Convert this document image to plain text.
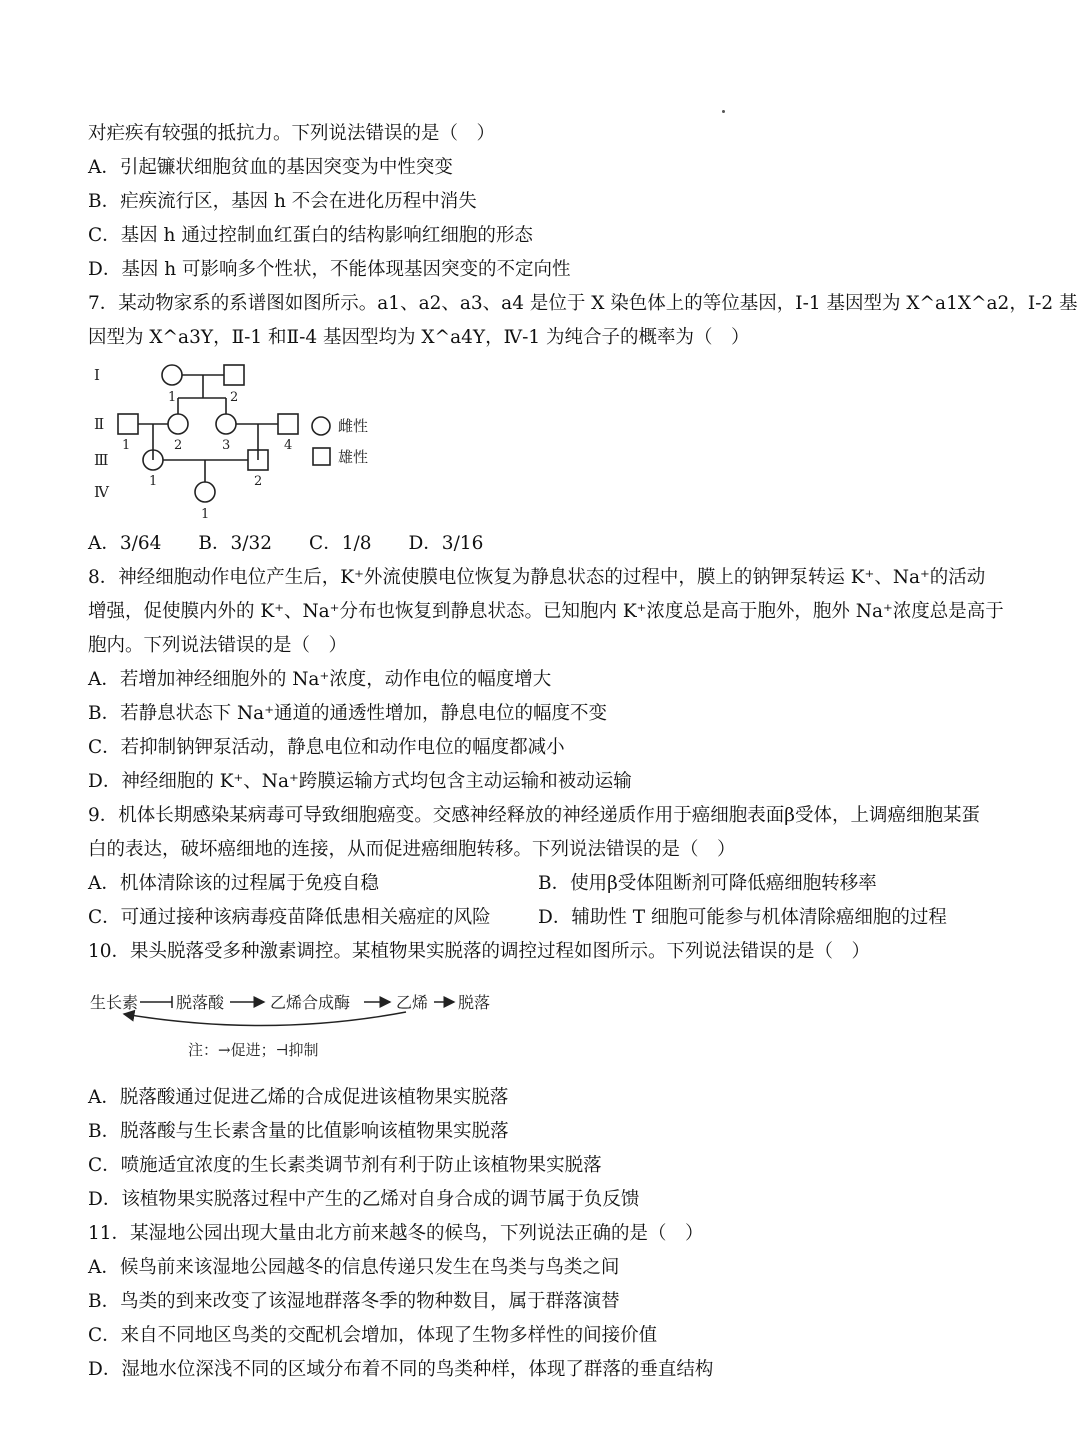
对疟疾有较强的抵抗力。下列说法错误的是（　）
A．引起镰状细胞贫血的基因突变为中性突变
B．疟疾流行区，基因 h 不会在进化历程中消失
C．基因 h 通过控制血红蛋白的结构影响红细胞的形态
D．基因 h 可影响多个性状，不能体现基因突变的不定向性
7．某动物家系的系谱图如图所示。a1、a2、a3、a4 是位于 X 染色体上的等位基因，Ⅰ-1 基因型为 X^a1X^a2，Ⅰ-2 基
因型为 X^a3Y，Ⅱ-1 和Ⅱ-4 基因型均为 X^a4Y，Ⅳ-1 为纯合子的概率为（　）
Ⅰ
Ⅱ
Ⅲ
Ⅳ
1	2
1	2	3	4
1	2
1
雌性
雄性
A．3/64　　B．3/32　　C．1/8　　D．3/16
8．神经细胞动作电位产生后，K⁺外流使膜电位恢复为静息状态的过程中，膜上的钠钾泵转运 K⁺、Na⁺的活动
增强，促使膜内外的 K⁺、Na⁺分布也恢复到静息状态。已知胞内 K⁺浓度总是高于胞外，胞外 Na⁺浓度总是高于
胞内。下列说法错误的是（　）
A．若增加神经细胞外的 Na⁺浓度，动作电位的幅度增大
B．若静息状态下 Na⁺通道的通透性增加，静息电位的幅度不变
C．若抑制钠钾泵活动，静息电位和动作电位的幅度都减小
D．神经细胞的 K⁺、Na⁺跨膜运输方式均包含主动运输和被动运输
9．机体长期感染某病毒可导致细胞癌变。交感神经释放的神经递质作用于癌细胞表面β受体，上调癌细胞某蛋
白的表达，破坏癌细地的连接，从而促进癌细胞转移。下列说法错误的是（　）
A．机体清除该的过程属于免疫自稳	B．使用β受体阻断剂可降低癌细胞转移率
C．可通过接种该病毒疫苗降低患相关癌症的风险	D．辅助性 T 细胞可能参与机体清除癌细胞的过程
10．果头脱落受多种激素调控。某植物果实脱落的调控过程如图所示。下列说法错误的是（　）
生长素 脱落酸	乙烯合成酶	乙烯 脱落
注：→促进；⊣抑制
A．脱落酸通过促进乙烯的合成促进该植物果实脱落
B．脱落酸与生长素含量的比值影响该植物果实脱落
C．喷施适宜浓度的生长素类调节剂有利于防止该植物果实脱落
D．该植物果实脱落过程中产生的乙烯对自身合成的调节属于负反馈
11．某湿地公园出现大量由北方前来越冬的候鸟，下列说法正确的是（　）
A．候鸟前来该湿地公园越冬的信息传递只发生在鸟类与鸟类之间
B．鸟类的到来改变了该湿地群落冬季的物种数目，属于群落演替
C．来自不同地区鸟类的交配机会增加，体现了生物多样性的间接价值
D．湿地水位深浅不同的区域分布着不同的鸟类种样，体现了群落的垂直结构
